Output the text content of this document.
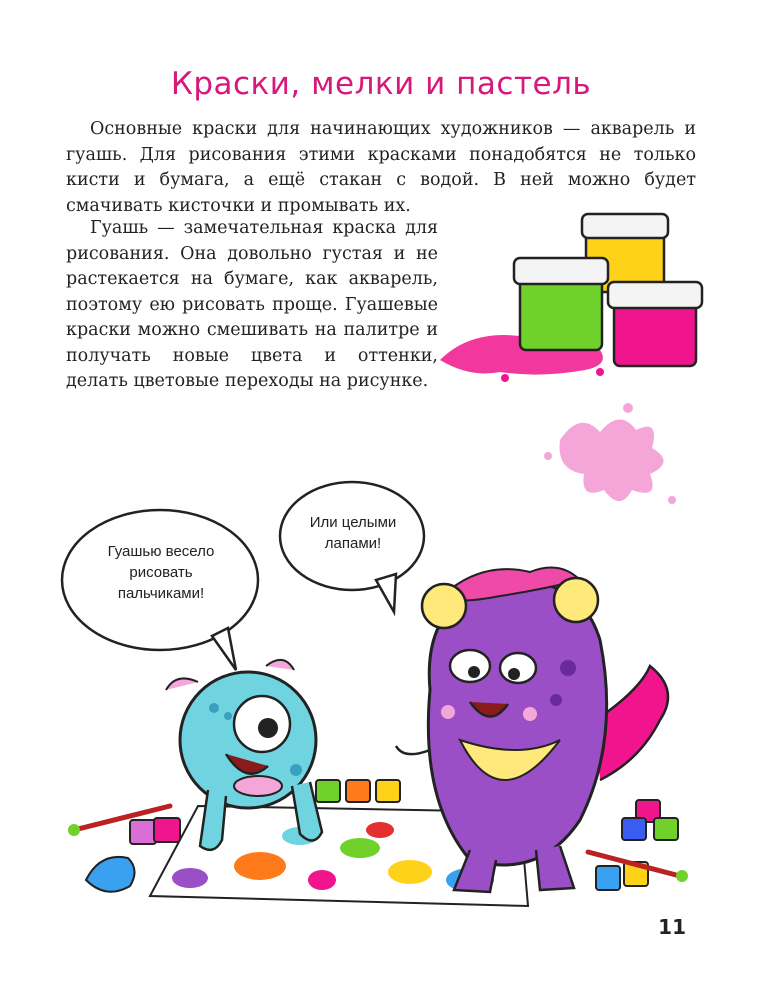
Краски, мелки и пастель

Основные краски для начинающих художников — акварель и гуашь. Для рисования этими красками понадобятся не только кисти и бумага, а ещё стакан с водой. В ней можно будет смачивать кисточки и промывать их.

Гуашь — замечательная краска для рисования. Она довольно густая и не растекается на бумаге, как акварель, поэтому ею рисовать проще. Гуашевые краски можно смешивать на палитре и получать новые цвета и оттенки, делать цветовые переходы на рисунке.

Гуашью весело рисовать пальчиками!
Или целыми лапами!
11
